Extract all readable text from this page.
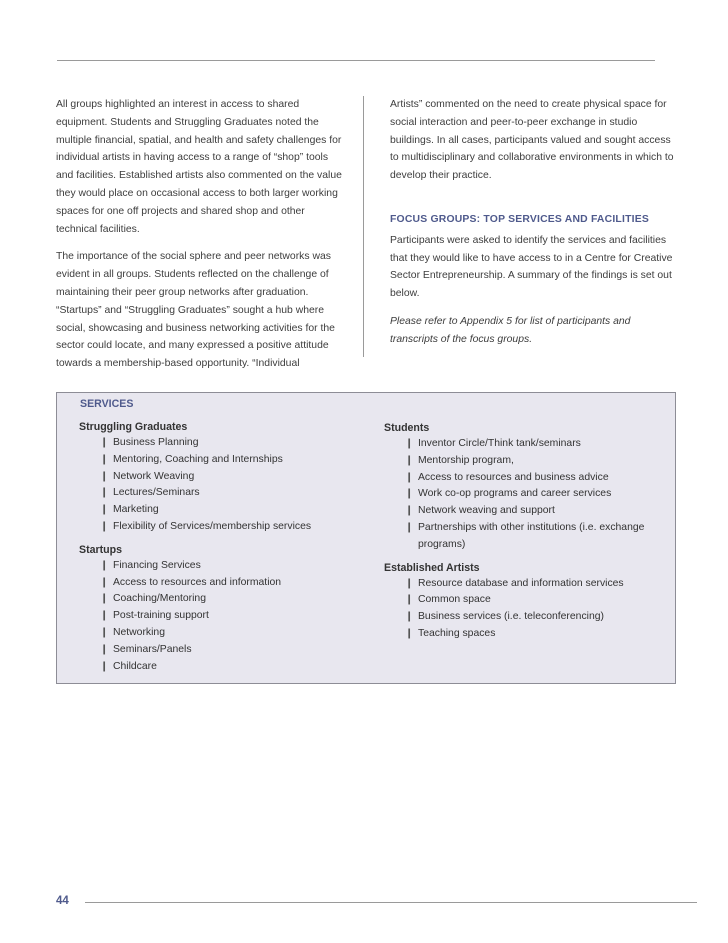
All groups highlighted an interest in access to shared equipment. Students and Struggling Graduates noted the multiple financial, spatial, and health and safety challenges for individual artists in having access to a range of “shop” tools and facilities. Established artists also commented on the value they would place on occasional access to both larger working spaces for one off projects and shared shop and other technical facilities.

The importance of the social sphere and peer networks was evident in all groups. Students reflected on the challenge of maintaining their peer group networks after graduation. “Startups” and “Struggling Graduates” sought a hub where social, showcasing and business networking activities for the sector could locate, and many expressed a positive attitude towards a membership-based opportunity. “Individual

Artists” commented on the need to create physical space for social interaction and peer-to-peer exchange in studio buildings. In all cases, participants valued and sought access to multidisciplinary and collaborative environments in which to develop their practice.

FOCUS GROUPS: TOP SERVICES AND FACILITIES

Participants were asked to identify the services and facilities that they would like to have access to in a Centre for Creative Sector Entrepreneurship. A summary of the findings is set out below.

Please refer to Appendix 5 for list of participants and transcripts of the focus groups.

SERVICES
Struggling Graduates
❙ Business Planning
❙ Mentoring, Coaching and Internships
❙ Network Weaving
❙ Lectures/Seminars
❙ Marketing
❙ Flexibility of Services/membership services
Startups
❙ Financing Services
❙ Access to resources and information
❙ Coaching/Mentoring
❙ Post-training support
❙ Networking
❙ Seminars/Panels
❙ Childcare
Students
❙ Inventor Circle/Think tank/seminars
❙ Mentorship program,
❙ Access to resources and business advice
❙ Work co-op programs and career services
❙ Network weaving and support
❙ Partnerships with other institutions (i.e. exchange programs)
Established Artists
❙ Resource database and information services
❙ Common space
❙ Business services (i.e. teleconferencing)
❙ Teaching spaces
44
